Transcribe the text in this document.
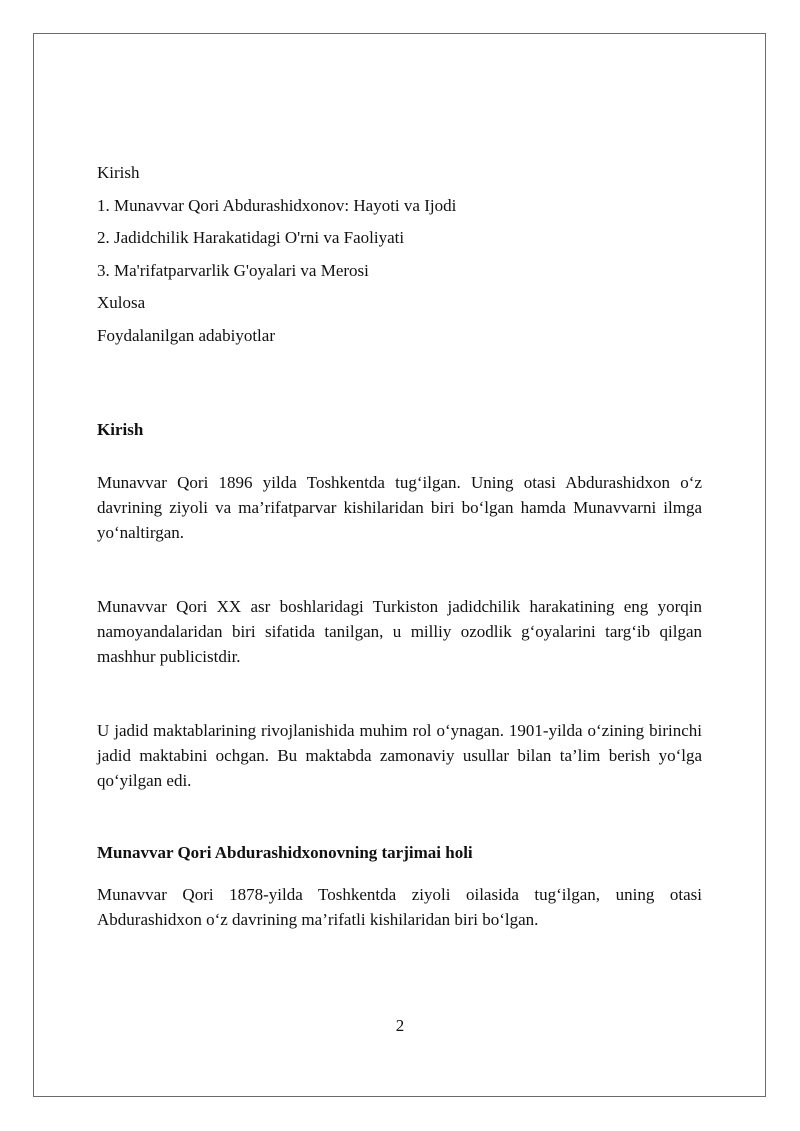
Kirish
1. Munavvar Qori Abdurashidxonov: Hayoti va Ijodi
2. Jadidchilik Harakatidagi O'rni va Faoliyati
3. Ma'rifatparvarlik G'oyalari va Merosi
Xulosa
Foydalanilgan adabiyotlar
Kirish

Munavvar Qori 1896 yilda Toshkentda tug‘ilgan. Uning otasi Abdurashidxon o‘z davrining ziyoli va ma’rifatparvar kishilaridan biri bo‘lgan hamda Munavvarni ilmga yo‘naltirgan.

Munavvar Qori XX asr boshlaridagi Turkiston jadidchilik harakatining eng yorqin namoyandalaridan biri sifatida tanilgan, u milliy ozodlik g‘oyalarini targ‘ib qilgan mashhur publicistdir.

U jadid maktablarining rivojlanishida muhim rol o‘ynagan. 1901-yilda o‘zining birinchi jadid maktabini ochgan. Bu maktabda zamonaviy usullar bilan ta’lim berish yo‘lga qo‘yilgan edi.

Munavvar Qori Abdurashidxonovning tarjimai holi

Munavvar Qori 1878-yilda Toshkentda ziyoli oilasida tug‘ilgan, uning otasi Abdurashidxon o‘z davrining ma’rifatli kishilaridan biri bo‘lgan.

2
